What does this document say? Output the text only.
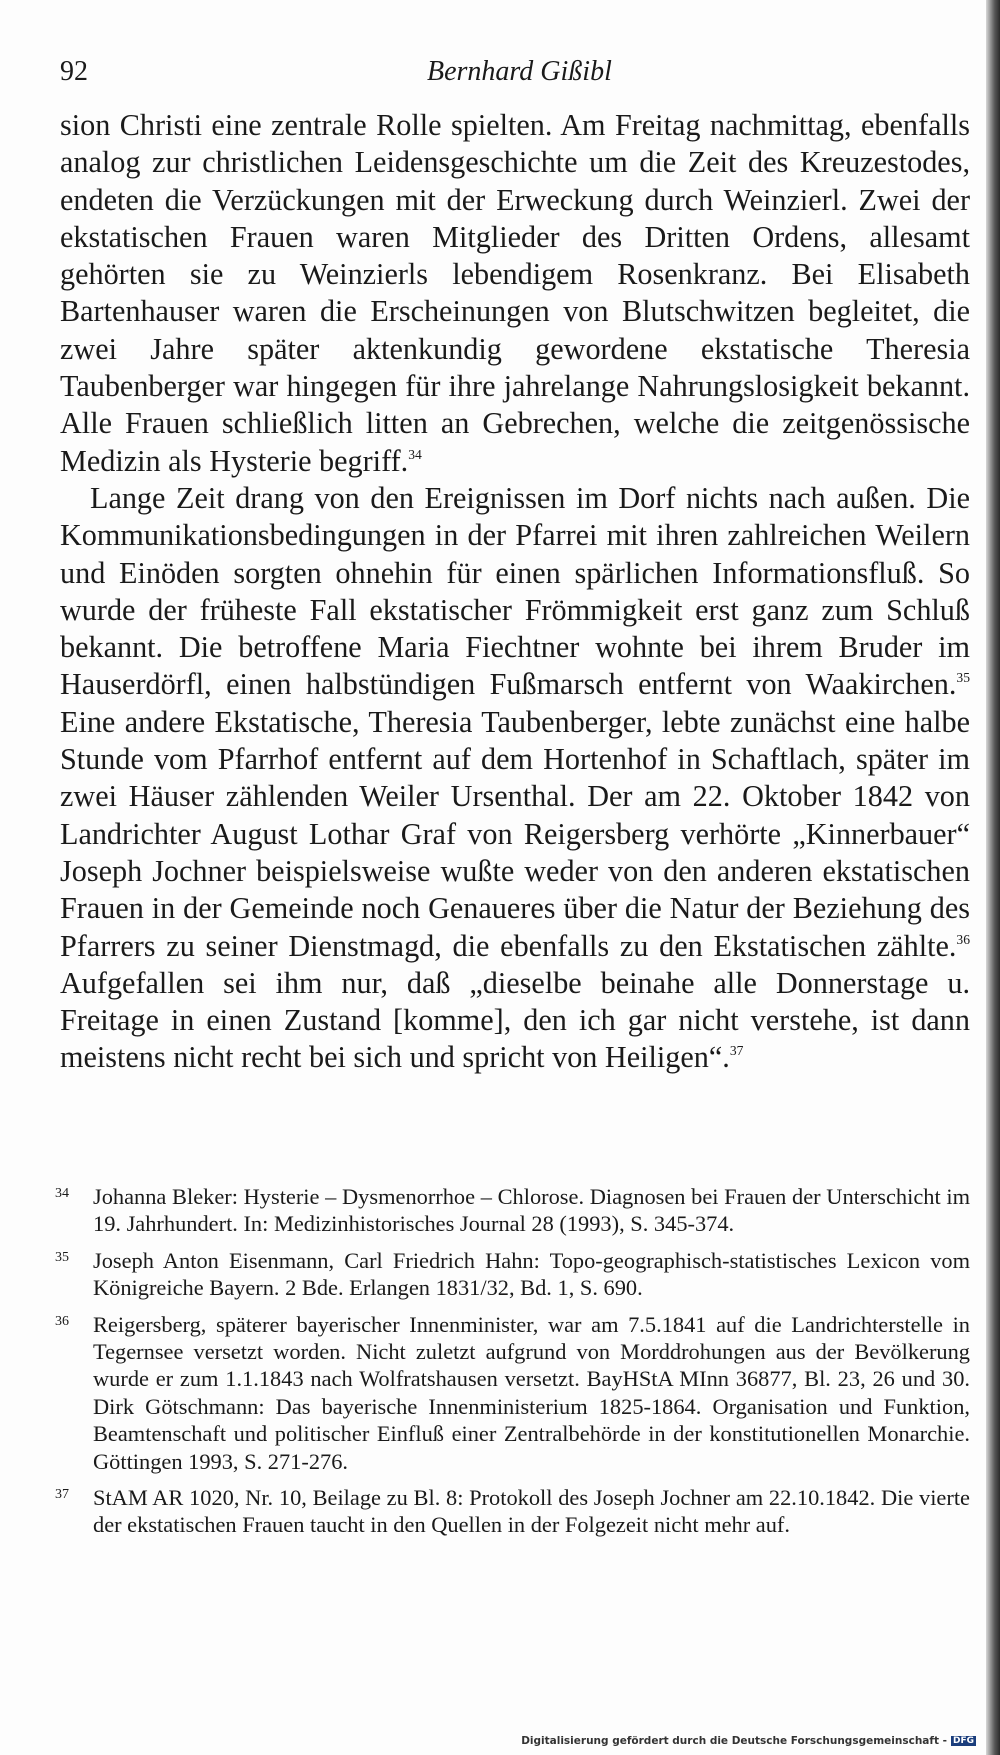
92	Bernhard Gißibl

sion Christi eine zentrale Rolle spielten. Am Freitag nachmittag, ebenfalls analog zur christlichen Leidensgeschichte um die Zeit des Kreuzestodes, endeten die Verzückungen mit der Erweckung durch Weinzierl. Zwei der ekstatischen Frauen waren Mitglieder des Dritten Ordens, allesamt gehörten sie zu Weinzierls lebendigem Rosenkranz. Bei Elisabeth Bartenhauser waren die Erscheinungen von Blutschwitzen begleitet, die zwei Jahre später aktenkundig gewordene ekstatische Theresia Taubenberger war hingegen für ihre jahrelange Nahrungslosigkeit bekannt. Alle Frauen schließlich litten an Gebrechen, welche die zeitgenössische Medizin als Hysterie begriff.$^{34}$

Lange Zeit drang von den Ereignissen im Dorf nichts nach außen. Die Kommunikationsbedingungen in der Pfarrei mit ihren zahlreichen Weilern und Einöden sorgten ohnehin für einen spärlichen Informationsfluß. So wurde der früheste Fall ekstatischer Frömmigkeit erst ganz zum Schluß bekannt. Die betroffene Maria Fiechtner wohnte bei ihrem Bruder im Hauserdörfl, einen halbstündigen Fußmarsch entfernt von Waakirchen.$^{35}$ Eine andere Ekstatische, Theresia Taubenberger, lebte zunächst eine halbe Stunde vom Pfarrhof entfernt auf dem Hortenhof in Schaftlach, später im zwei Häuser zählenden Weiler Ursenthal. Der am 22. Oktober 1842 von Landrichter August Lothar Graf von Reigersberg verhörte „Kinnerbauer“ Joseph Jochner beispielsweise wußte weder von den anderen ekstatischen Frauen in der Gemeinde noch Genaueres über die Natur der Beziehung des Pfarrers zu seiner Dienstmagd, die ebenfalls zu den Ekstatischen zählte.$^{36}$ Aufgefallen sei ihm nur, daß „dieselbe beinahe alle Donnerstage u. Freitage in einen Zustand [komme], den ich gar nicht verstehe, ist dann meistens nicht recht bei sich und spricht von Heiligen“.$^{37}$

34 Johanna Bleker: Hysterie – Dysmenorrhoe – Chlorose. Diagnosen bei Frauen der Unterschicht im 19. Jahrhundert. In: Medizinhistorisches Journal 28 (1993), S. 345-374.
35 Joseph Anton Eisenmann, Carl Friedrich Hahn: Topo-geographisch-statistisches Lexicon vom Königreiche Bayern. 2 Bde. Erlangen 1831/32, Bd. 1, S. 690.
36 Reigersberg, späterer bayerischer Innenminister, war am 7.5.1841 auf die Landrichterstelle in Tegernsee versetzt worden. Nicht zuletzt aufgrund von Morddrohungen aus der Bevölkerung wurde er zum 1.1.1843 nach Wolfratshausen versetzt. BayHStA MInn 36877, Bl. 23, 26 und 30. Dirk Götschmann: Das bayerische Innenministerium 1825-1864. Organisation und Funktion, Beamtenschaft und politischer Einfluß einer Zentralbehörde in der konstitutionellen Monarchie. Göttingen 1993, S. 271-276.
37 StAM AR 1020, Nr. 10, Beilage zu Bl. 8: Protokoll des Joseph Jochner am 22.10.1842. Die vierte der ekstatischen Frauen taucht in den Quellen in der Folgezeit nicht mehr auf.
Digitalisierung gefördert durch die Deutsche Forschungsgemeinschaft - DFG
